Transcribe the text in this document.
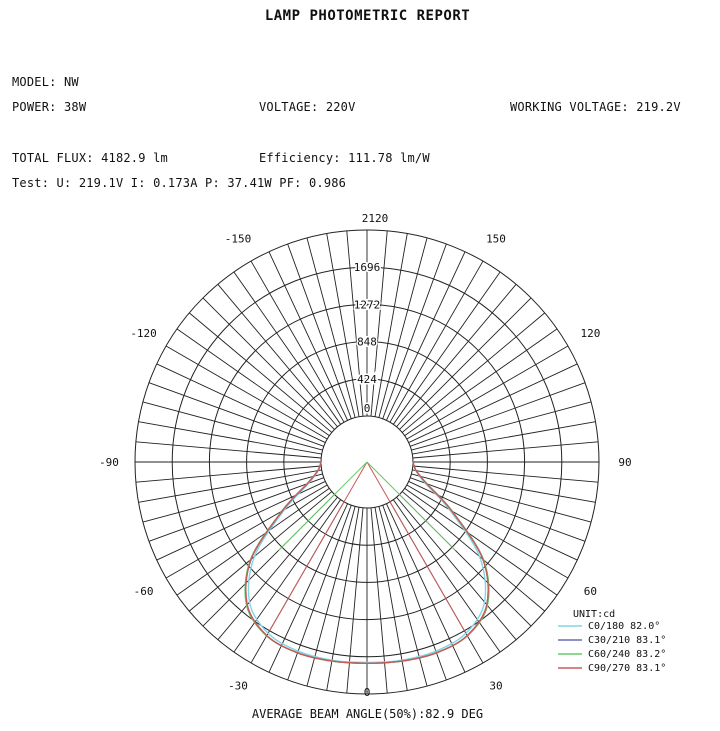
LAMP PHOTOMETRIC REPORT
MODEL: NW
POWER: 38W	VOLTAGE: 220V	WORKING VOLTAGE: 219.2V
TOTAL FLUX: 4182.9 lm	Efficiency: 111.78 lm/W
Test: U: 219.1V I: 0.173A P: 37.41W PF: 0.986
0
424
848
1272
1696
0
30
60
90
120
150
2120
-30
-60
-90
-120
-150
UNIT:cd
C0/180 82.0°
C30/210 83.1°
C60/240 83.2°
C90/270 83.1°
AVERAGE BEAM ANGLE(50%):82.9 DEG
